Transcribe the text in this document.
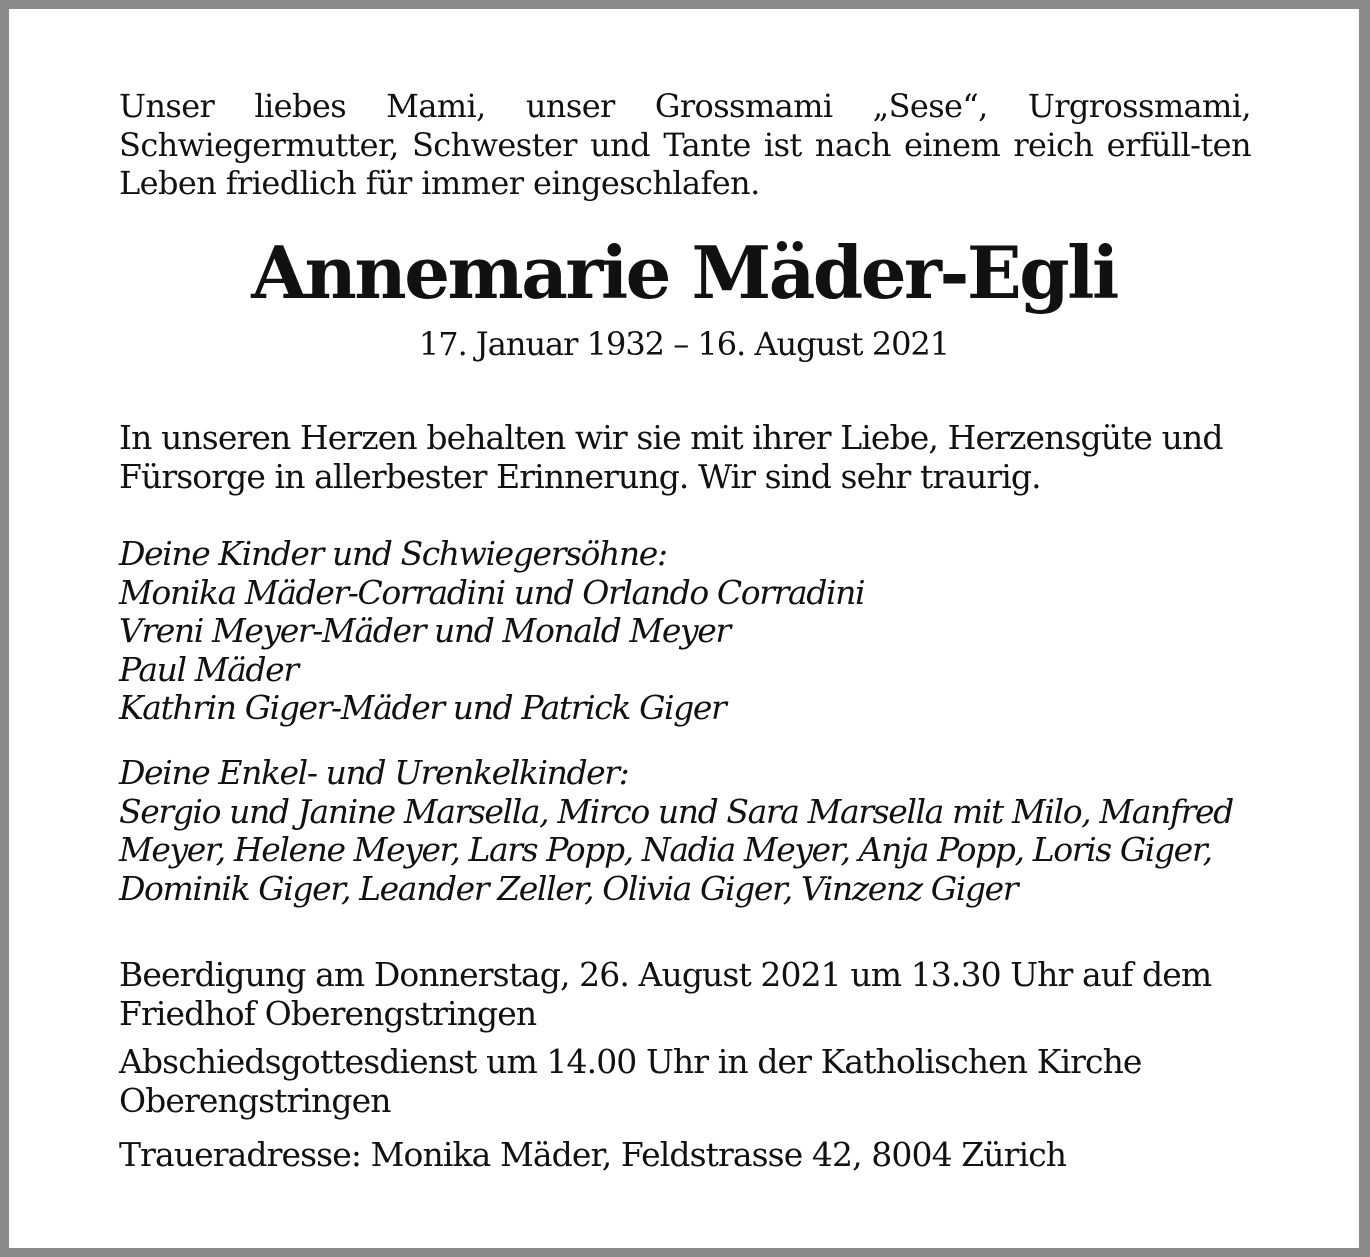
Unser liebes Mami, unser Grossmami „Sese“, Urgrossmami, Schwiegermutter, Schwester und Tante ist nach einem reich erfüll-ten Leben friedlich für immer eingeschlafen.

Annemarie Mäder-Egli

17. Januar 1932 – 16. August 2021

In unseren Herzen behalten wir sie mit ihrer Liebe, Herzensgüte und Fürsorge in allerbester Erinnerung. Wir sind sehr traurig.

Deine Kinder und Schwiegersöhne:
Monika Mäder-Corradini und Orlando Corradini
Vreni Meyer-Mäder und Monald Meyer
Paul Mäder
Kathrin Giger-Mäder und Patrick Giger
Deine Enkel- und Urenkelkinder:
Sergio und Janine Marsella, Mirco und Sara Marsella mit Milo, Manfred
Meyer, Helene Meyer, Lars Popp, Nadia Meyer, Anja Popp, Loris Giger,
Dominik Giger, Leander Zeller, Olivia Giger, Vinzenz Giger

Beerdigung am Donnerstag, 26. August 2021 um 13.30 Uhr auf dem Friedhof Oberengstringen

Abschiedsgottesdienst um 14.00 Uhr in der Katholischen Kirche Oberengstringen

Traueradresse: Monika Mäder, Feldstrasse 42, 8004 Zürich
